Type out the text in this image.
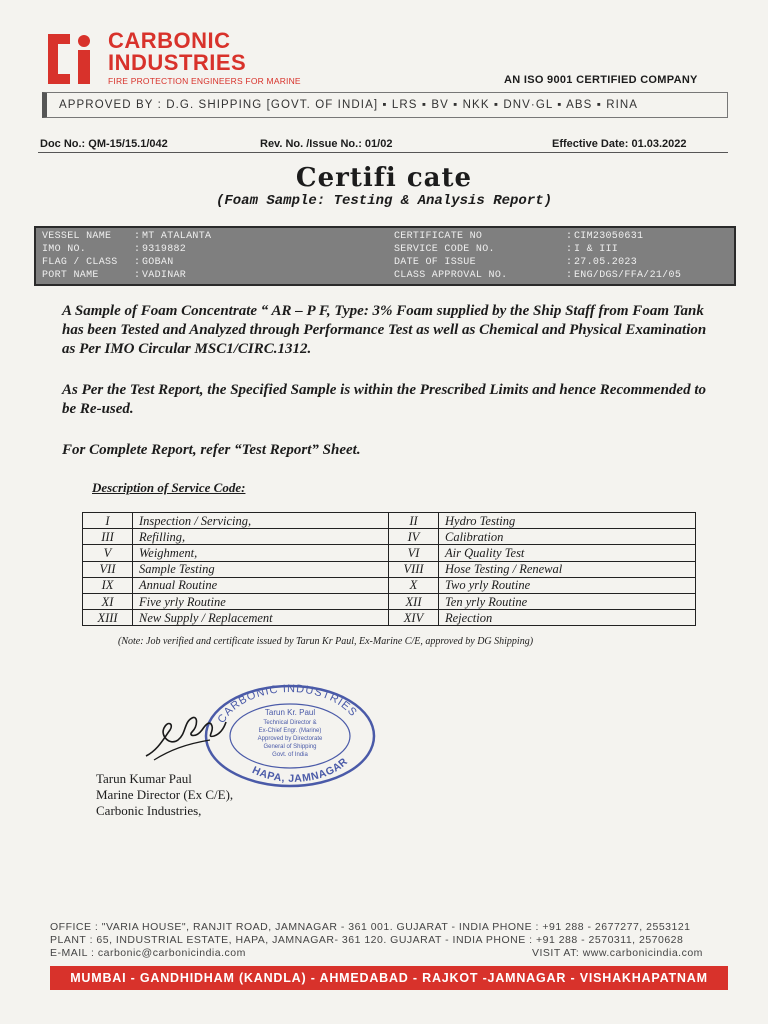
CARBONIC
INDUSTRIES
FIRE PROTECTION ENGINEERS FOR MARINE	AN ISO 9001 CERTIFIED COMPANY
APPROVED BY : D.G. SHIPPING [GOVT. OF INDIA] ▪ LRS ▪ BV ▪ NKK ▪ DNV·GL ▪ ABS ▪ RINA
Doc No.: QM-15/15.1/042	Rev. No. /Issue No.: 01/02	Effective Date: 01.03.2022
Certifi cate
(Foam Sample: Testing & Analysis Report)
VESSEL NAME	: MT ATALANTA	CERTIFICATE NO	: CIM23050631
IMO NO.	: 9319882	SERVICE CODE NO.	: I & III
FLAG / CLASS	: GOBAN	DATE OF ISSUE	: 27.05.2023
PORT NAME	: VADINAR	CLASS APPROVAL NO.	: ENG/DGS/FFA/21/05

A Sample of Foam Concentrate “ AR – P F, Type: 3% Foam supplied by the Ship Staff from Foam Tank has been Tested and Analyzed through Performance Test as well as Chemical and Physical Examination as Per IMO Circular MSC1/CIRC.1312.

As Per the Test Report, the Specified Sample is within the Prescribed Limits and hence Recommended to be Re-used.

For Complete Report, refer “Test Report” Sheet.

Description of Service Code:
I	Inspection / Servicing,	II	Hydro Testing
III	Refilling,	IV	Calibration
V	Weighment,	VI	Air Quality Test
VII	Sample Testing	VIII	Hose Testing / Renewal
IX	Annual Routine	X	Two yrly Routine
XI	Five yrly Routine	XII	Ten yrly Routine
XIII	New Supply / Replacement	XIV	Rejection
(Note: Job verified and certificate issued by Tarun Kr Paul, Ex-Marine C/E, approved by DG Shipping)
CARBONIC INDUSTRIES
HAPA, JAMNAGAR
Tarun Kr. Paul
Technical Director &
Ex-Chief Engr. (Marine)
Approved by Directorate
General of Shipping
Govt. of India
Tarun Kumar Paul
Marine Director (Ex C/E),
Carbonic Industries,
OFFICE : "VARIA HOUSE", RANJIT ROAD, JAMNAGAR - 361 001. GUJARAT - INDIA PHONE : +91 288 - 2677277, 2553121
PLANT : 65, INDUSTRIAL ESTATE, HAPA, JAMNAGAR- 361 120. GUJARAT - INDIA PHONE : +91 288 - 2570311, 2570628
E-MAIL : carbonic@carbonicindia.com	VISIT AT: www.carbonicindia.com
MUMBAI - GANDHIDHAM (KANDLA) - AHMEDABAD - RAJKOT -JAMNAGAR - VISHAKHAPATNAM
